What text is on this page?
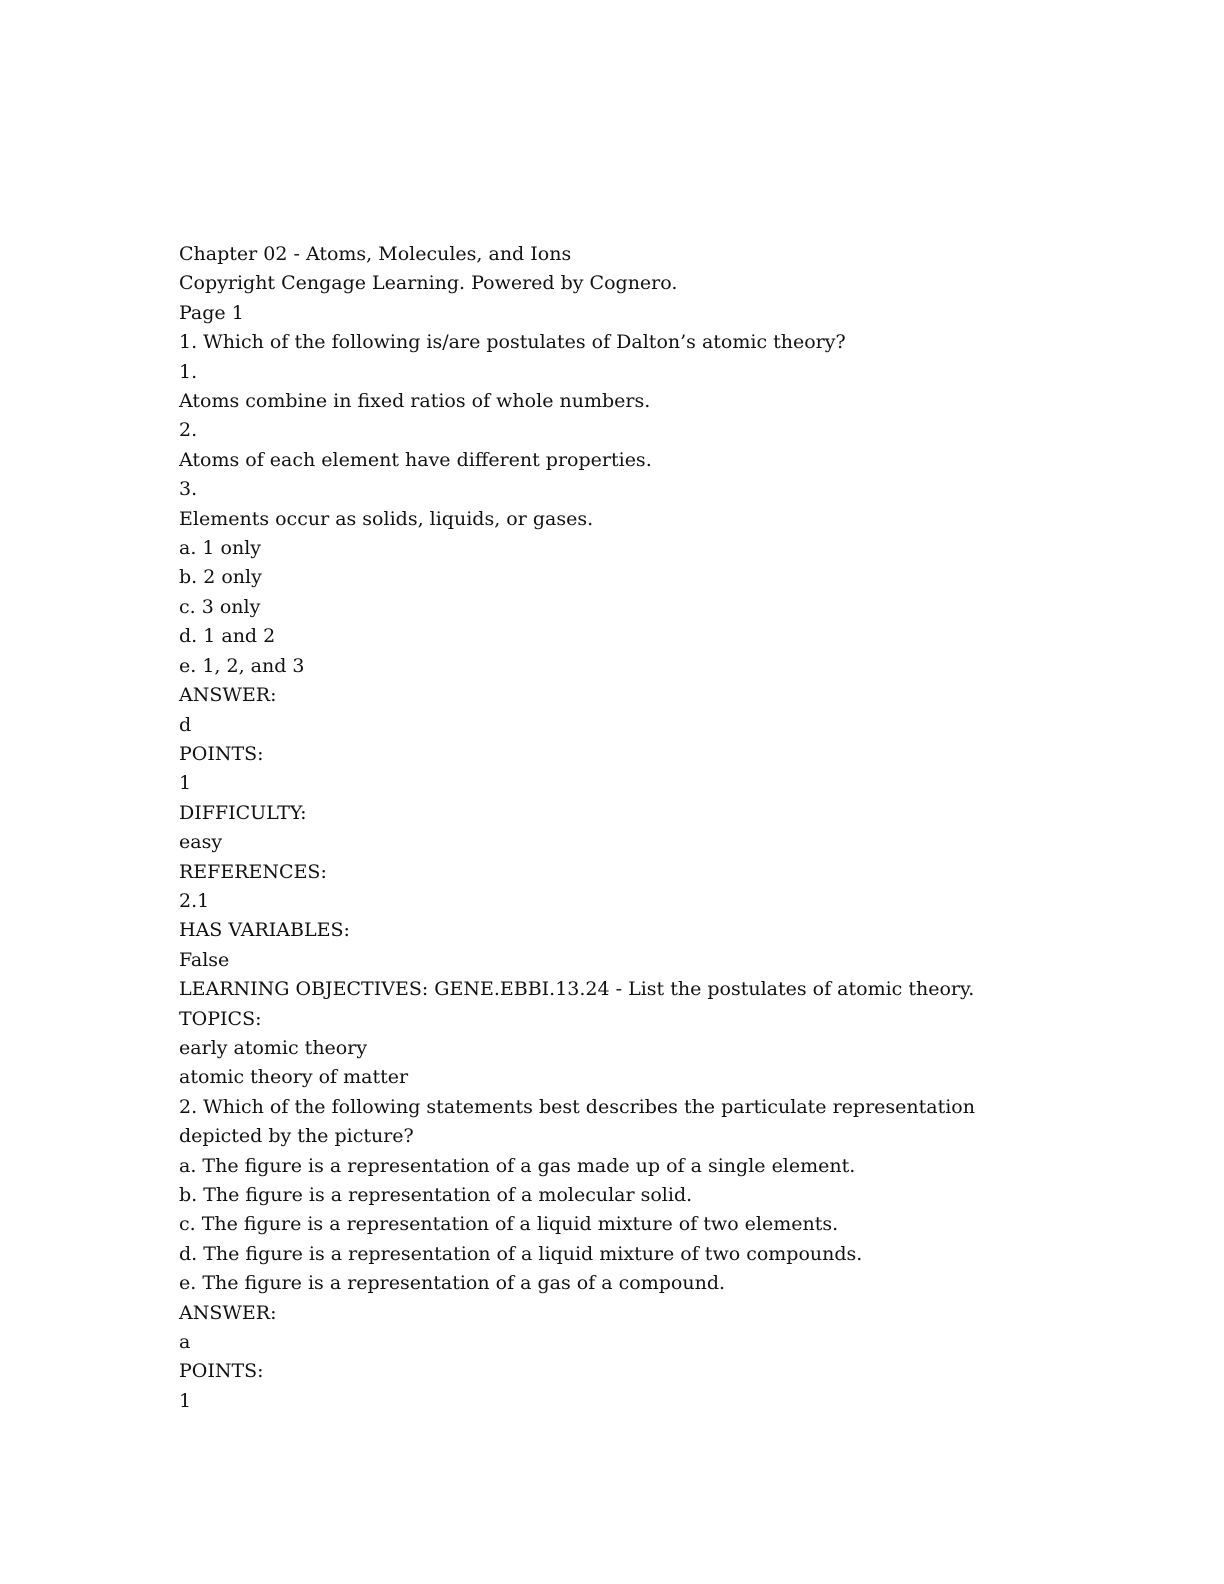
Chapter 02 - Atoms, Molecules, and Ions
Copyright Cengage Learning. Powered by Cognero.
Page 1
1. Which of the following is/are postulates of Dalton’s atomic theory?
1.
Atoms combine in fixed ratios of whole numbers.
2.
Atoms of each element have different properties.
3.
Elements occur as solids, liquids, or gases.
a. 1 only
b. 2 only
c. 3 only
d. 1 and 2
e. 1, 2, and 3
ANSWER:
d
POINTS:
1
DIFFICULTY:
easy
REFERENCES:
2.1
HAS VARIABLES:
False
LEARNING OBJECTIVES: GENE.EBBI.13.24 - List the postulates of atomic theory.
TOPICS:
early atomic theory
atomic theory of matter
2. Which of the following statements best describes the particulate representation depicted by the picture?
a. The figure is a representation of a gas made up of a single element.
b. The figure is a representation of a molecular solid.
c. The figure is a representation of a liquid mixture of two elements.
d. The figure is a representation of a liquid mixture of two compounds.
e. The figure is a representation of a gas of a compound.
ANSWER:
a
POINTS:
1
